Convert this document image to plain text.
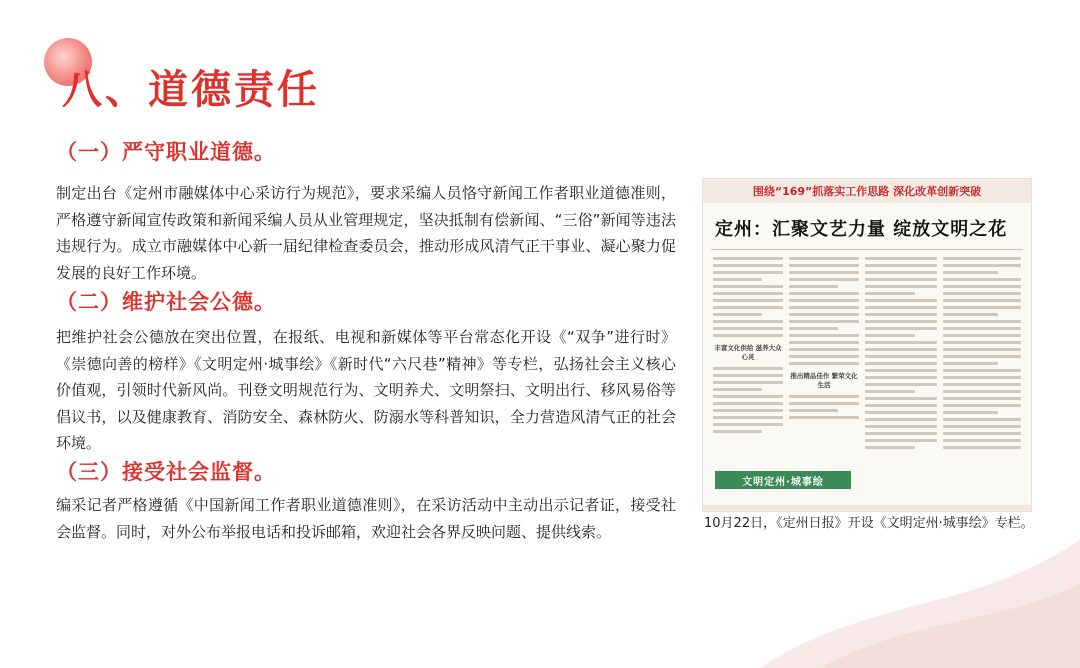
八、道德责任
（一）严守职业道德。

制定出台《定州市融媒体中心采访行为规范》，要求采编人员恪守新闻工作者职业道德准则，严格遵守新闻宣传政策和新闻采编人员从业管理规定，坚决抵制有偿新闻、“三俗”新闻等违法违规行为。成立市融媒体中心新一届纪律检查委员会，推动形成风清气正干事业、凝心聚力促发展的良好工作环境。

（二）维护社会公德。

把维护社会公德放在突出位置，在报纸、电视和新媒体等平台常态化开设《“双争”进行时》《崇德向善的榜样》《文明定州·城事绘》《新时代“六尺巷”精神》等专栏，弘扬社会主义核心价值观，引领时代新风尚。刊登文明规范行为、文明养犬、文明祭扫、文明出行、移风易俗等倡议书，以及健康教育、消防安全、森林防火、防溺水等科普知识，全力营造风清气正的社会环境。

（三）接受社会监督。

编采记者严格遵循《中国新闻工作者职业道德准则》，在采访活动中主动出示记者证，接受社会监督。同时，对外公布举报电话和投诉邮箱，欢迎社会各界反映问题、提供线索。

围绕“169”抓落实工作思路 深化改革创新突破
定州：汇聚文艺力量 绽放文明之花
丰富文化供给 滋养大众心灵
推出精品佳作 繁荣文化生活
文明定州·城事绘

10月22日，《定州日报》开设《文明定州·城事绘》专栏。
